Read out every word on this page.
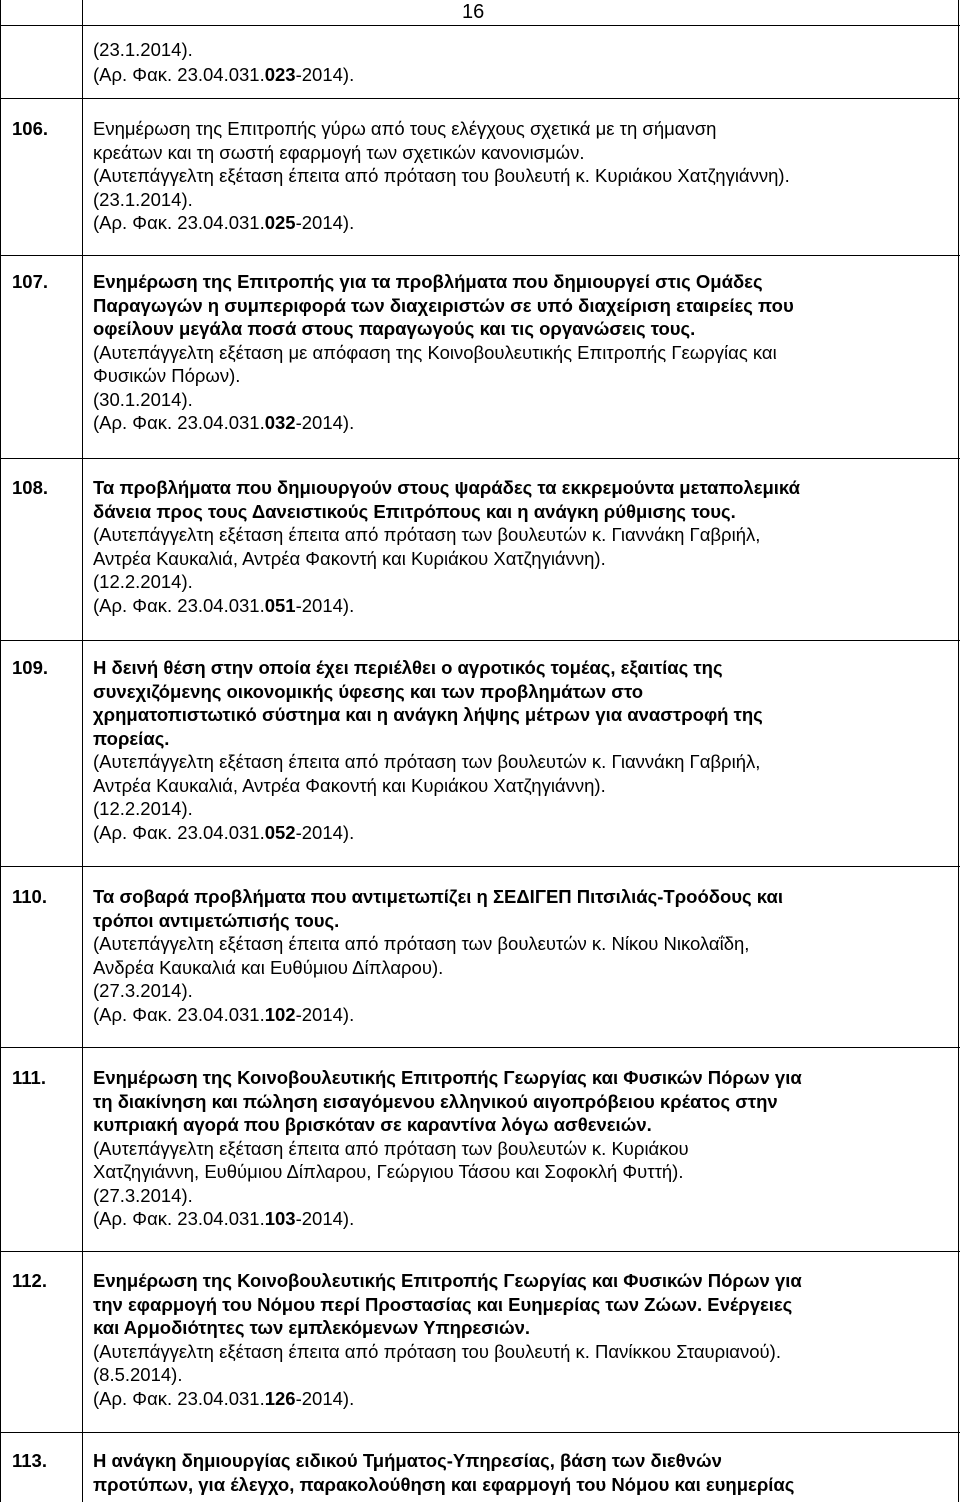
16
(23.1.2014).
(Αρ. Φακ. 23.04.031.023-2014).
106. Ενημέρωση της Επιτροπής γύρω από τους ελέγχους σχετικά με τη σήμανση
κρεάτων και τη σωστή εφαρμογή των σχετικών κανονισμών.
(Αυτεπάγγελτη εξέταση έπειτα από πρόταση του βουλευτή κ. Κυριάκου Χατζηγιάννη).
(23.1.2014).
(Αρ. Φακ. 23.04.031.025-2014).
107. Ενημέρωση της Επιτροπής για τα προβλήματα που δημιουργεί στις Ομάδες
Παραγωγών η συμπεριφορά των διαχειριστών σε υπό διαχείριση εταιρείες που
οφείλουν μεγάλα ποσά στους παραγωγούς και τις οργανώσεις τους.
(Αυτεπάγγελτη εξέταση με απόφαση της Κοινοβουλευτικής Επιτροπής Γεωργίας και
Φυσικών Πόρων).
(30.1.2014).
(Αρ. Φακ. 23.04.031.032-2014).
108. Τα προβλήματα που δημιουργούν στους ψαράδες τα εκκρεμούντα μεταπολεμικά
δάνεια προς τους Δανειστικούς Επιτρόπους και η ανάγκη ρύθμισης τους.
(Αυτεπάγγελτη εξέταση έπειτα από πρόταση των βουλευτών κ. Γιαννάκη Γαβριήλ,
Αντρέα Καυκαλιά, Αντρέα Φακοντή και Κυριάκου Χατζηγιάννη).
(12.2.2014).
(Αρ. Φακ. 23.04.031.051-2014).
109. Η δεινή θέση στην οποία έχει περιέλθει ο αγροτικός τομέας, εξαιτίας της
συνεχιζόμενης οικονομικής ύφεσης και των προβλημάτων στο
χρηματοπιστωτικό σύστημα και η ανάγκη λήψης μέτρων για αναστροφή της
πορείας.
(Αυτεπάγγελτη εξέταση έπειτα από πρόταση των βουλευτών κ. Γιαννάκη Γαβριήλ,
Αντρέα Καυκαλιά, Αντρέα Φακοντή και Κυριάκου Χατζηγιάννη).
(12.2.2014).
(Αρ. Φακ. 23.04.031.052-2014).
110. Τα σοβαρά προβλήματα που αντιμετωπίζει η ΣΕΔΙΓΕΠ Πιτσιλιάς-Τροόδους και
τρόποι αντιμετώπισής τους.
(Αυτεπάγγελτη εξέταση έπειτα από πρόταση των βουλευτών κ. Νίκου Νικολαΐδη,
Ανδρέα Καυκαλιά και Ευθύμιου Δίπλαρου).
(27.3.2014).
(Αρ. Φακ. 23.04.031.102-2014).
111.	Ενημέρωση της Κοινοβουλευτικής Επιτροπής Γεωργίας και Φυσικών Πόρων για
τη διακίνηση και πώληση εισαγόμενου ελληνικού αιγοπρόβειου κρέατος στην
κυπριακή αγορά που βρισκόταν σε καραντίνα λόγω ασθενειών.
(Αυτεπάγγελτη εξέταση έπειτα από πρόταση των βουλευτών κ. Κυριάκου
Χατζηγιάννη, Ευθύμιου Δίπλαρου, Γεώργιου Τάσου και Σοφοκλή Φυττή).
(27.3.2014).
(Αρ. Φακ. 23.04.031.103-2014).
112. Ενημέρωση της Κοινοβουλευτικής Επιτροπής Γεωργίας και Φυσικών Πόρων για
την εφαρμογή του Νόμου περί Προστασίας και Ευημερίας των Ζώων. Ενέργειες
και Αρμοδιότητες των εμπλεκόμενων Υπηρεσιών.
(Αυτεπάγγελτη εξέταση έπειτα από πρόταση του βουλευτή κ. Πανίκκου Σταυριανού).
(8.5.2014).
(Αρ. Φακ. 23.04.031.126-2014).
113. Η ανάγκη δημιουργίας ειδικού Τμήματος-Υπηρεσίας, βάση των διεθνών
προτύπων, για έλεγχο, παρακολούθηση και εφαρμογή του Νόμου και ευημερίας
